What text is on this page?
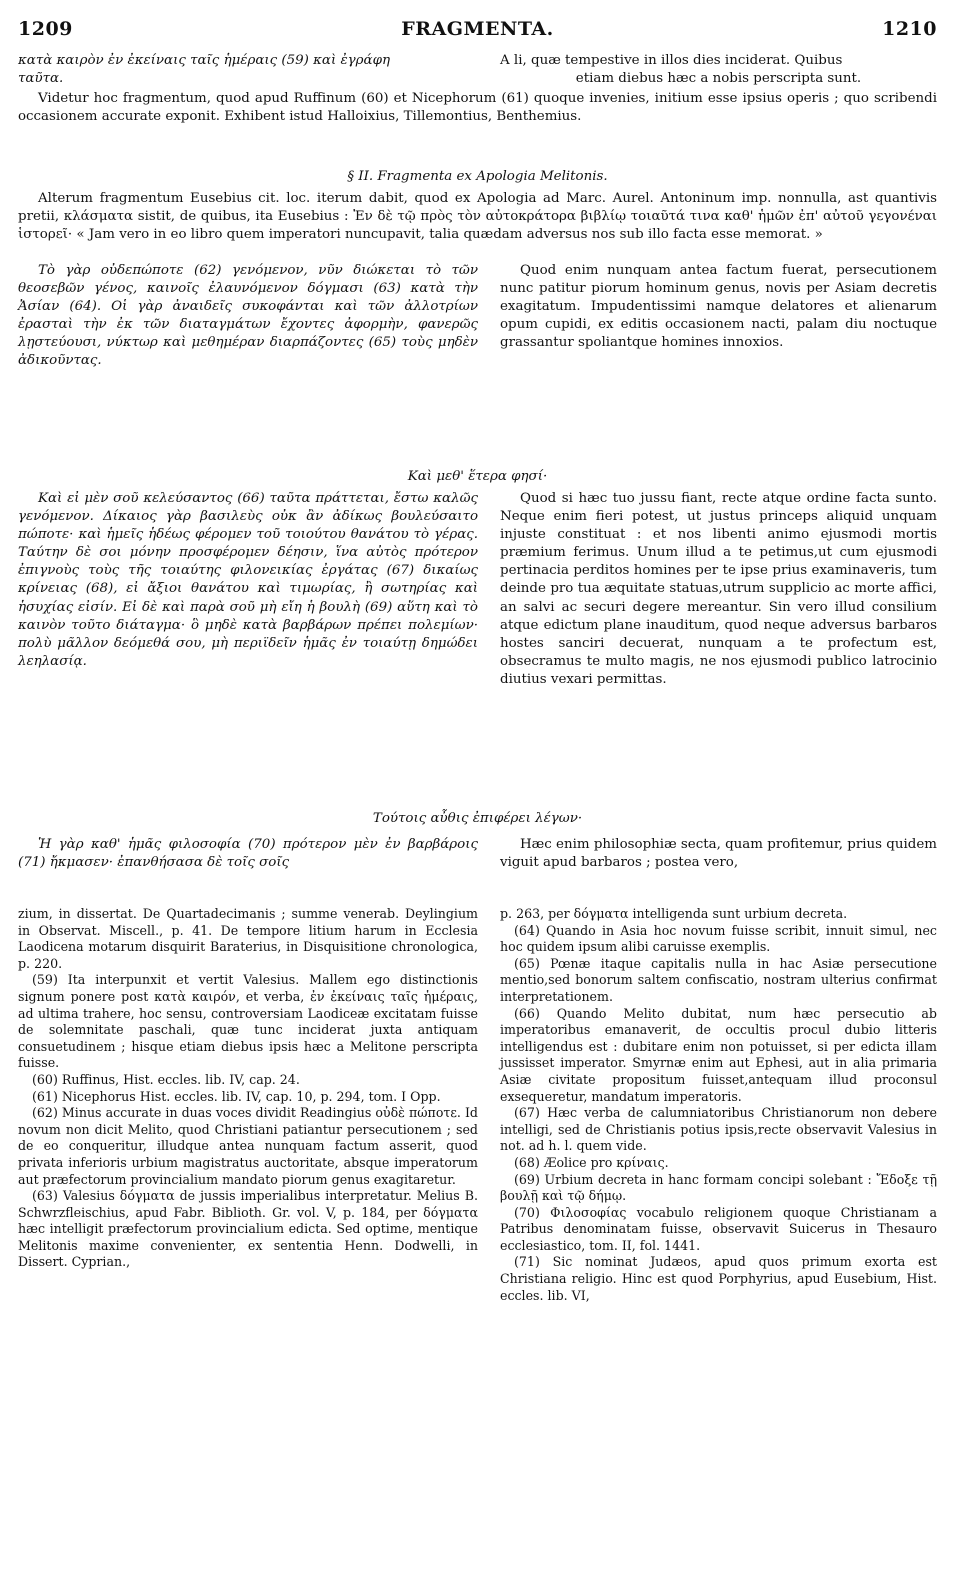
1209	FRAGMENTA.	1210

κατὰ καιρὸν ἐν ἐκείναις ταῖς ἡμέραις (59) καὶ ἐγράφη

ταῦτα.

A li, quæ tempestive in illos dies inciderat. Quibus

etiam diebus hæc a nobis perscripta sunt.

Videtur hoc fragmentum, quod apud Ruffinum (60) et Nicephorum (61) quoque invenies, initium esse ipsius operis ; quo scribendi occasionem accurate exponit. Exhibent istud Halloixius, Tillemontius, Benthemius.

§ II. Fragmenta ex Apologia Melitonis.

Alterum fragmentum Eusebius cit. loc. iterum dabit, quod ex Apologia ad Marc. Aurel. Antoninum imp. nonnulla, ast quantivis pretii, κλάσματα sistit, de quibus, ita Eusebius : Ἐν δὲ τῷ πρὸς τὸν αὐτοκράτορα βιβλίῳ τοιαῦτά τινα καθ' ἡμῶν ἐπ' αὐτοῦ γεγονέναι ἱστορεῖ· « Jam vero in eo libro quem imperatori nuncupavit, talia quædam adversus nos sub illo facta esse memorat. »

Τὸ γὰρ οὐδεπώποτε (62) γενόμενον, νῦν διώκεται τὸ τῶν θεοσεβῶν γένος, καινοῖς ἐλαυνόμενον δόγμασι (63) κατὰ τὴν Ἀσίαν (64). Οἱ γὰρ ἀναιδεῖς συκοφάνται καὶ τῶν ἀλλοτρίων ἐρασταὶ τὴν ἐκ τῶν διαταγμάτων ἔχοντες ἀφορμὴν, φανερῶς λῃστεύουσι, νύκτωρ καὶ μεθημέραν διαρπάζοντες (65) τοὺς μηδὲν ἀδικοῦντας.

Quod enim nunquam antea factum fuerat, persecutionem nunc patitur piorum hominum genus, novis per Asiam decretis exagitatum. Impudentissimi namque delatores et alienarum opum cupidi, ex editis occasionem nacti, palam diu noctuque grassantur spoliantque homines innoxios.

Καὶ μεθ' ἕτερα φησί·

Καὶ εἰ μὲν σοῦ κελεύσαντος (66) ταῦτα πράττεται, ἔστω καλῶς γενόμενον. Δίκαιος γὰρ βασιλεὺς οὐκ ἂν ἀδίκως βουλεύσαιτο πώποτε· καὶ ἡμεῖς ἡδέως φέρομεν τοῦ τοιούτου θανάτου τὸ γέρας. Ταύτην δὲ σοι μόνην προσφέρομεν δέησιν, ἵνα αὐτὸς πρότερον ἐπιγνοὺς τοὺς τῆς τοιαύτης φιλονεικίας ἐργάτας (67) δικαίως κρίνειας (68), εἰ ἄξιοι θανάτου καὶ τιμωρίας, ἢ σωτηρίας καὶ ἡσυχίας εἰσίν. Εἰ δὲ καὶ παρὰ σοῦ μὴ εἴη ἡ βουλὴ (69) αὕτη καὶ τὸ καινὸν τοῦτο διάταγμα· ὃ μηδὲ κατὰ βαρβάρων πρέπει πολεμίων· πολὺ μᾶλλον δεόμεθά σου, μὴ περιϊδεῖν ἡμᾶς ἐν τοιαύτῃ δημώδει λεηλασίᾳ.

Quod si hæc tuo jussu fiant, recte atque ordine facta sunto. Neque enim fieri potest, ut justus princeps aliquid unquam injuste constituat : et nos libenti animo ejusmodi mortis præmium ferimus. Unum illud a te petimus,ut cum ejusmodi pertinacia perditos homines per te ipse prius examinaveris, tum deinde pro tua æquitate statuas,utrum supplicio ac morte affici, an salvi ac securi degere mereantur. Sin vero illud consilium atque edictum plane inauditum, quod neque adversus barbaros hostes sanciri decuerat, nunquam a te profectum est, obsecramus te multo magis, ne nos ejusmodi publico latrocinio diutius vexari permittas.

Τούτοις αὖθις ἐπιφέρει λέγων·

Ἡ γὰρ καθ' ἡμᾶς φιλοσοφία (70) πρότερον μὲν ἐν βαρβάροις (71) ἤκμασεν· ἐπανθήσασα δὲ τοῖς σοῖς

Hæc enim philosophiæ secta, quam profitemur, prius quidem viguit apud barbaros ; postea vero,

zium, in dissertat. De Quartadecimanis ; summe venerab. Deylingium in Observat. Miscell., p. 41. De tempore litium harum in Ecclesia Laodicena motarum disquirit Baraterius, in Disquisitione chronologica, p. 220.

(59) Ita interpunxit et vertit Valesius. Mallem ego distinctionis signum ponere post κατὰ καιρόν, et verba, ἐν ἐκείναις ταῖς ἡμέραις, ad ultima trahere, hoc sensu, controversiam Laodiceæ excitatam fuisse de solemnitate paschali, quæ tunc inciderat juxta antiquam consuetudinem ; hisque etiam diebus ipsis hæc a Melitone perscripta fuisse.

(60) Ruffinus, Hist. eccles. lib. IV, cap. 24.

(61) Nicephorus Hist. eccles. lib. IV, cap. 10, p. 294, tom. I Opp.

(62) Minus accurate in duas voces dividit Readingius οὐδὲ πώποτε. Id novum non dicit Melito, quod Christiani patiantur persecutionem ; sed de eo conqueritur, illudque antea nunquam factum asserit, quod privata inferioris urbium magistratus auctoritate, absque imperatorum aut præfectorum provincialium mandato piorum genus exagitaretur.

(63) Valesius δόγματα de jussis imperialibus interpretatur. Melius B. Schwrzfleischius, apud Fabr. Biblioth. Gr. vol. V, p. 184, per δόγματα hæc intelligit præfectorum provincialium edicta. Sed optime, mentique Melitonis maxime convenienter, ex sententia Henn. Dodwelli, in Dissert. Cyprian.,

p. 263, per δόγματα intelligenda sunt urbium decreta.

(64) Quando in Asia hoc novum fuisse scribit, innuit simul, nec hoc quidem ipsum alibi caruisse exemplis.

(65) Pœnæ itaque capitalis nulla in hac Asiæ persecutione mentio,sed bonorum saltem confiscatio, nostram ulterius confirmat interpretationem.

(66) Quando Melito dubitat, num hæc persecutio ab imperatoribus emanaverit, de occultis procul dubio litteris intelligendus est : dubitare enim non potuisset, si per edicta illam jussisset imperator. Smyrnæ enim aut Ephesi, aut in alia primaria Asiæ civitate propositum fuisset,antequam illud proconsul exsequeretur, mandatum imperatoris.

(67) Hæc verba de calumniatoribus Christianorum non debere intelligi, sed de Christianis potius ipsis,recte observavit Valesius in not. ad h. l. quem vide.

(68) Æolice pro κρίναις.

(69) Urbium decreta in hanc formam concipi solebant : Ἔδοξε τῇ βουλῇ καὶ τῷ δήμῳ.

(70) Φιλοσοφίας vocabulo religionem quoque Christianam a Patribus denominatam fuisse, observavit Suicerus in Thesauro ecclesiastico, tom. II, fol. 1441.

(71) Sic nominat Judæos, apud quos primum exorta est Christiana religio. Hinc est quod Porphyrius, apud Eusebium, Hist. eccles. lib. VI,
